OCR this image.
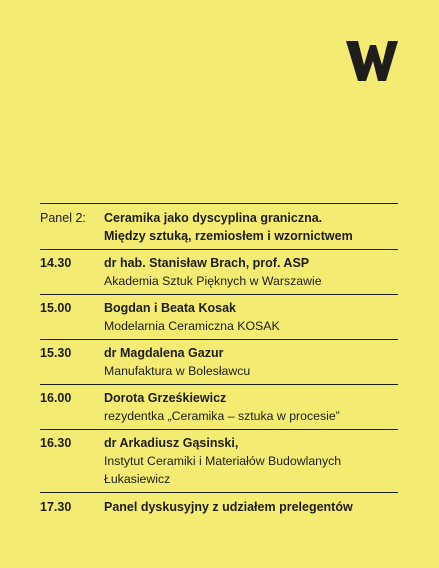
Panel 2:	Ceramika jako dyscyplina graniczna.
Między sztuką, rzemiosłem i wzornictwem
14.30	dr hab. Stanisław Brach, prof. ASP
Akademia Sztuk Pięknych w Warszawie
15.00	Bogdan i Beata Kosak
Modelarnia Ceramiczna KOSAK
15.30	dr Magdalena Gazur
Manufaktura w Bolesławcu
16.00	Dorota Grześkiewicz
rezydentka „Ceramika – sztuka w procesie”
16.30	dr Arkadiusz Gąsinski,
Instytut Ceramiki i Materiałów Budowlanych
Łukasiewicz
17.30	Panel dyskusyjny z udziałem prelegentów
